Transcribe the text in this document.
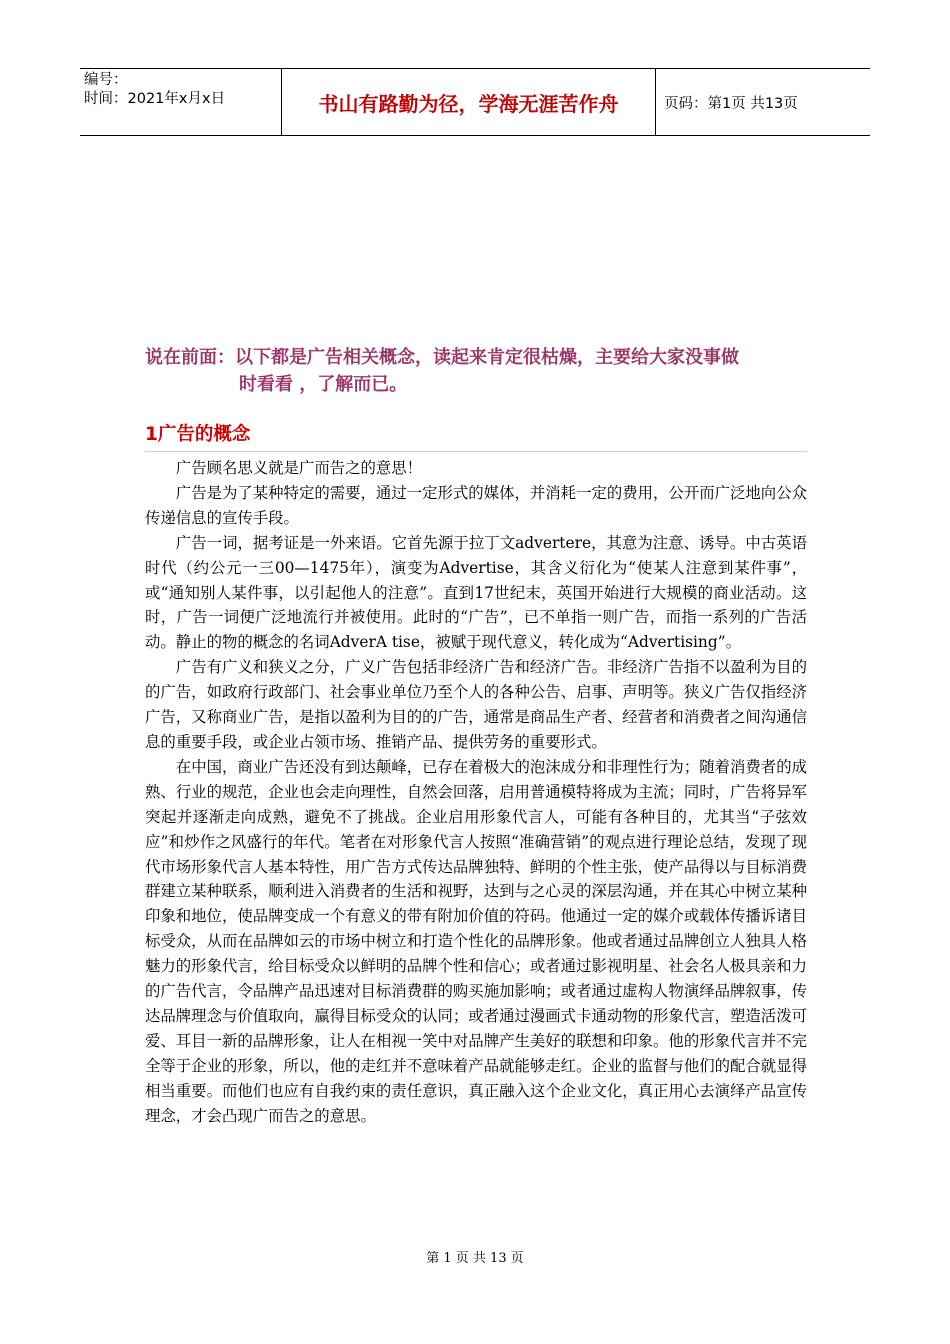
编号：
时间：2021年x月x日	书山有路勤为径，学海无涯苦作舟	页码：第1页 共13页
说在前面：以下都是广告相关概念，读起来肯定很枯燥，主要给大家没事做
时看看 ，了解而已。
1广告的概念

广告顾名思义就是广而告之的意思！

广告是为了某种特定的需要，通过一定形式的媒体，并消耗一定的费用，公开而广泛地向公众传递信息的宣传手段。

广告一词，据考证是一外来语。它首先源于拉丁文advertere，其意为注意、诱导。中古英语时代（约公元一三00—1475年），演变为Advertise，其含义衍化为“使某人注意到某件事”，或“通知别人某件事，以引起他人的注意”。直到17世纪末，英国开始进行大规模的商业活动。这时，广告一词便广泛地流行并被使用。此时的“广告”，已不单指一则广告，而指一系列的广告活动。静止的物的概念的名词AdverA tise，被赋于现代意义，转化成为“Advertising”。

广告有广义和狭义之分，广义广告包括非经济广告和经济广告。非经济广告指不以盈利为目的的广告，如政府行政部门、社会事业单位乃至个人的各种公告、启事、声明等。狭义广告仅指经济广告，又称商业广告，是指以盈利为目的的广告，通常是商品生产者、经营者和消费者之间沟通信息的重要手段，或企业占领市场、推销产品、提供劳务的重要形式。

在中国，商业广告还没有到达颠峰，已存在着极大的泡沫成分和非理性行为；随着消费者的成熟、行业的规范，企业也会走向理性，自然会回落，启用普通模特将成为主流；同时，广告将异军突起并逐渐走向成熟，避免不了挑战。企业启用形象代言人，可能有各种目的，尤其当“子弦效应”和炒作之风盛行的年代。笔者在对形象代言人按照“准确营销”的观点进行理论总结，发现了现代市场形象代言人基本特性，用广告方式传达品牌独特、鲜明的个性主张，使产品得以与目标消费群建立某种联系，顺利进入消费者的生活和视野，达到与之心灵的深层沟通，并在其心中树立某种印象和地位，使品牌变成一个有意义的带有附加价值的符码。他通过一定的媒介或载体传播诉诸目标受众，从而在品牌如云的市场中树立和打造个性化的品牌形象。他或者通过品牌创立人独具人格魅力的形象代言，给目标受众以鲜明的品牌个性和信心；或者通过影视明星、社会名人极具亲和力的广告代言，令品牌产品迅速对目标消费群的购买施加影响；或者通过虚构人物演绎品牌叙事，传达品牌理念与价值取向，赢得目标受众的认同；或者通过漫画式卡通动物的形象代言，塑造活泼可爱、耳目一新的品牌形象，让人在相视一笑中对品牌产生美好的联想和印象。他的形象代言并不完全等于企业的形象，所以，他的走红并不意味着产品就能够走红。企业的监督与他们的配合就显得相当重要。而他们也应有自我约束的责任意识，真正融入这个企业文化，真正用心去演绎产品宣传理念，才会凸现广而告之的意思。

第 1 页 共 13 页
